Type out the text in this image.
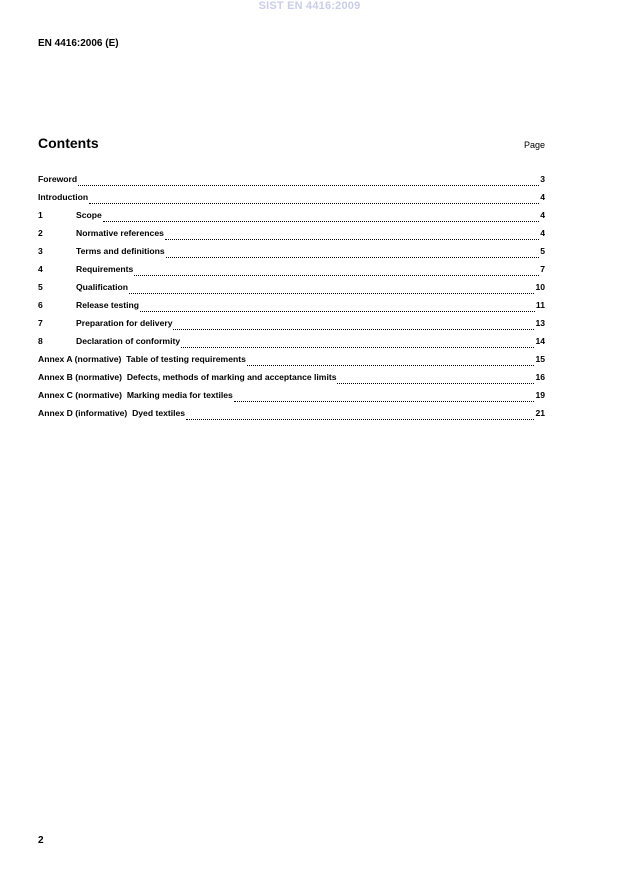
SIST EN 4416:2009
EN 4416:2006 (E)
Contents	Page
Foreword	3
Introduction	4
1	Scope	4
2	Normative references	4
3	Terms and definitions	5
4	Requirements	7
5	Qualification	10
6	Release testing	11
7	Preparation for delivery	13
8	Declaration of conformity	14
Annex A (normative)  Table of testing requirements	15
Annex B (normative)  Defects, methods of marking and acceptance limits	16
Annex C (normative)  Marking media for textiles	19
Annex D (informative)  Dyed textiles	21
2
